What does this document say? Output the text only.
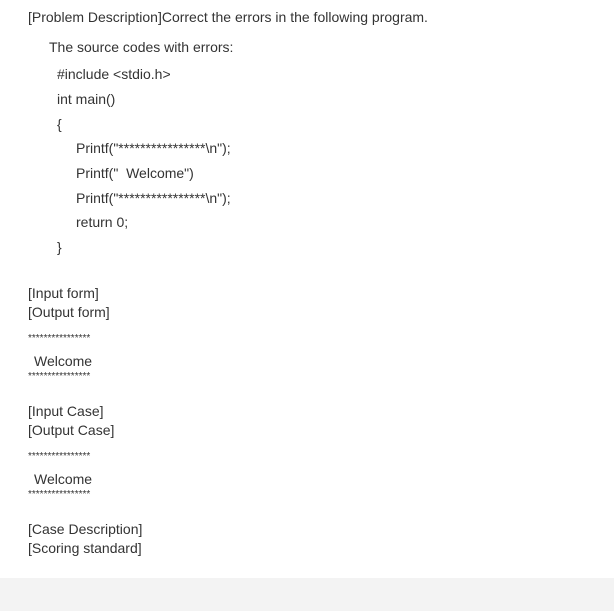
[Problem Description]Correct the errors in the following program.
The source codes with errors:
#include <stdio.h>
int main()
{
Printf("****************\n");
Printf("  Welcome")
Printf("****************\n");
return 0;
}
[Input form]
[Output form]
****************
Welcome
****************
[Input Case]
[Output Case]
****************
Welcome
****************
[Case Description]
[Scoring standard]
